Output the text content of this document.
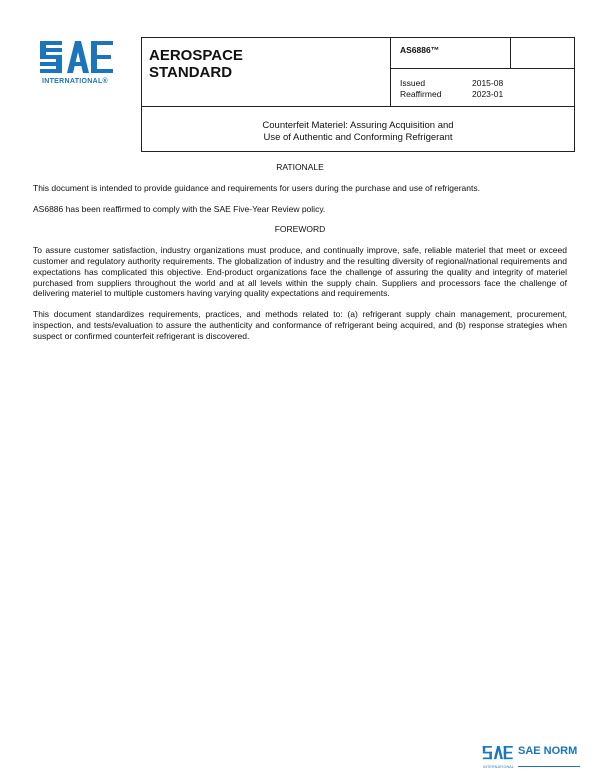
INTERNATIONAL®
AEROSPACE
STANDARD
AS6886™
Issued	2015-08
Reaffirmed	2023-01
Counterfeit Materiel: Assuring Acquisition and
Use of Authentic and Conforming Refrigerant
RATIONALE

This document is intended to provide guidance and requirements for users during the purchase and use of refrigerants.

AS6886 has been reaffirmed to comply with the SAE Five-Year Review policy.

FOREWORD

To assure customer satisfaction, industry organizations must produce, and continually improve, safe, reliable materiel that meet or exceed customer and regulatory authority requirements. The globalization of industry and the resulting diversity of regional/national requirements and expectations has complicated this objective. End-product organizations face the challenge of assuring the quality and integrity of materiel purchased from suppliers throughout the world and at all levels within the supply chain. Suppliers and processors face the challenge of delivering materiel to multiple customers having varying quality expectations and requirements.

This document standardizes requirements, practices, and methods related to: (a) refrigerant supply chain management, procurement, inspection, and tests/evaluation to assure the authenticity and conformance of refrigerant being acquired, and (b) response strategies when suspect or confirmed counterfeit refrigerant is discovered.

SAE NORM
INTERNATIONAL
